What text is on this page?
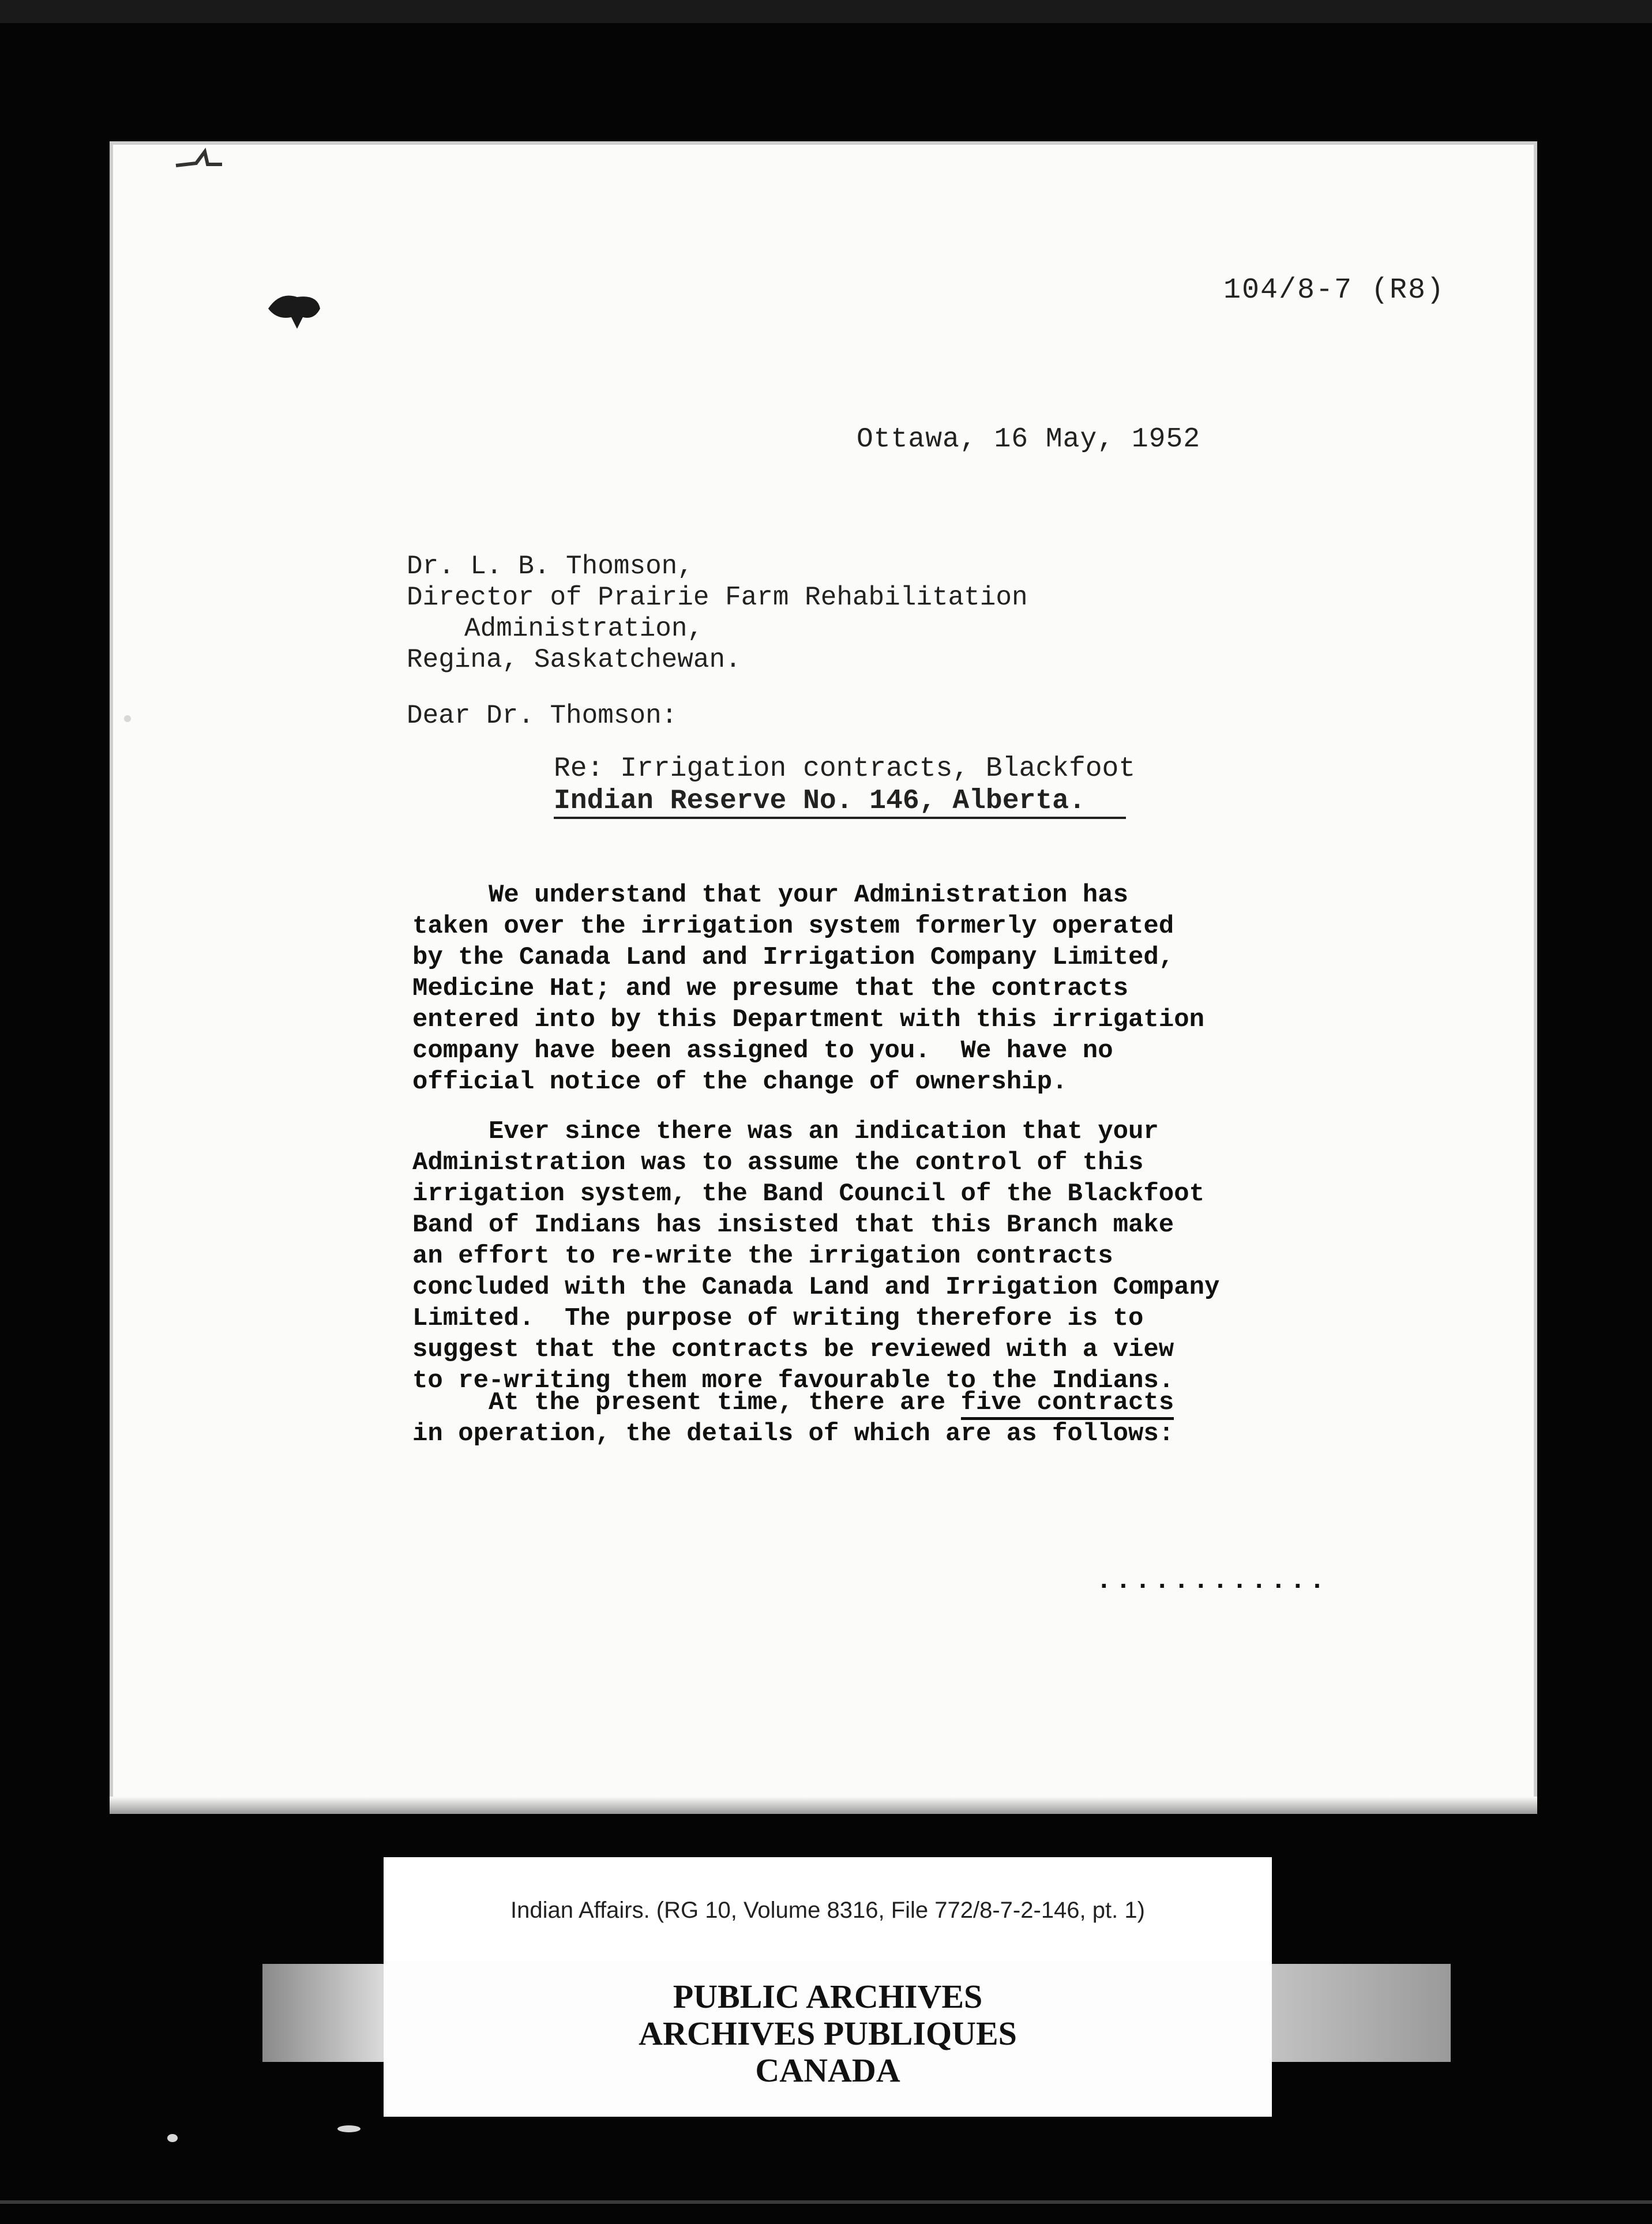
104/8-7 (R8)
Ottawa, 16 May, 1952
Dr. L. B. Thomson,
Director of Prairie Farm Rehabilitation
Administration,
Regina, Saskatchewan.
Dear Dr. Thomson:
Re: Irrigation contracts, Blackfoot
Indian Reserve No. 146, Alberta.
We understand that your Administration has
taken over the irrigation system formerly operated
by the Canada Land and Irrigation Company Limited,
Medicine Hat; and we presume that the contracts
entered into by this Department with this irrigation
company have been assigned to you.  We have no
official notice of the change of ownership.
Ever since there was an indication that your
Administration was to assume the control of this
irrigation system, the Band Council of the Blackfoot
Band of Indians has insisted that this Branch make
an effort to re-write the irrigation contracts
concluded with the Canada Land and Irrigation Company
Limited.  The purpose of writing therefore is to
suggest that the contracts be reviewed with a view
to re-writing them more favourable to the Indians.
At the present time, there are five contracts
in operation, the details of which are as follows:
............
Indian Affairs. (RG 10, Volume 8316, File 772/8-7-2-146, pt. 1)
PUBLIC ARCHIVES
ARCHIVES PUBLIQUES
CANADA
